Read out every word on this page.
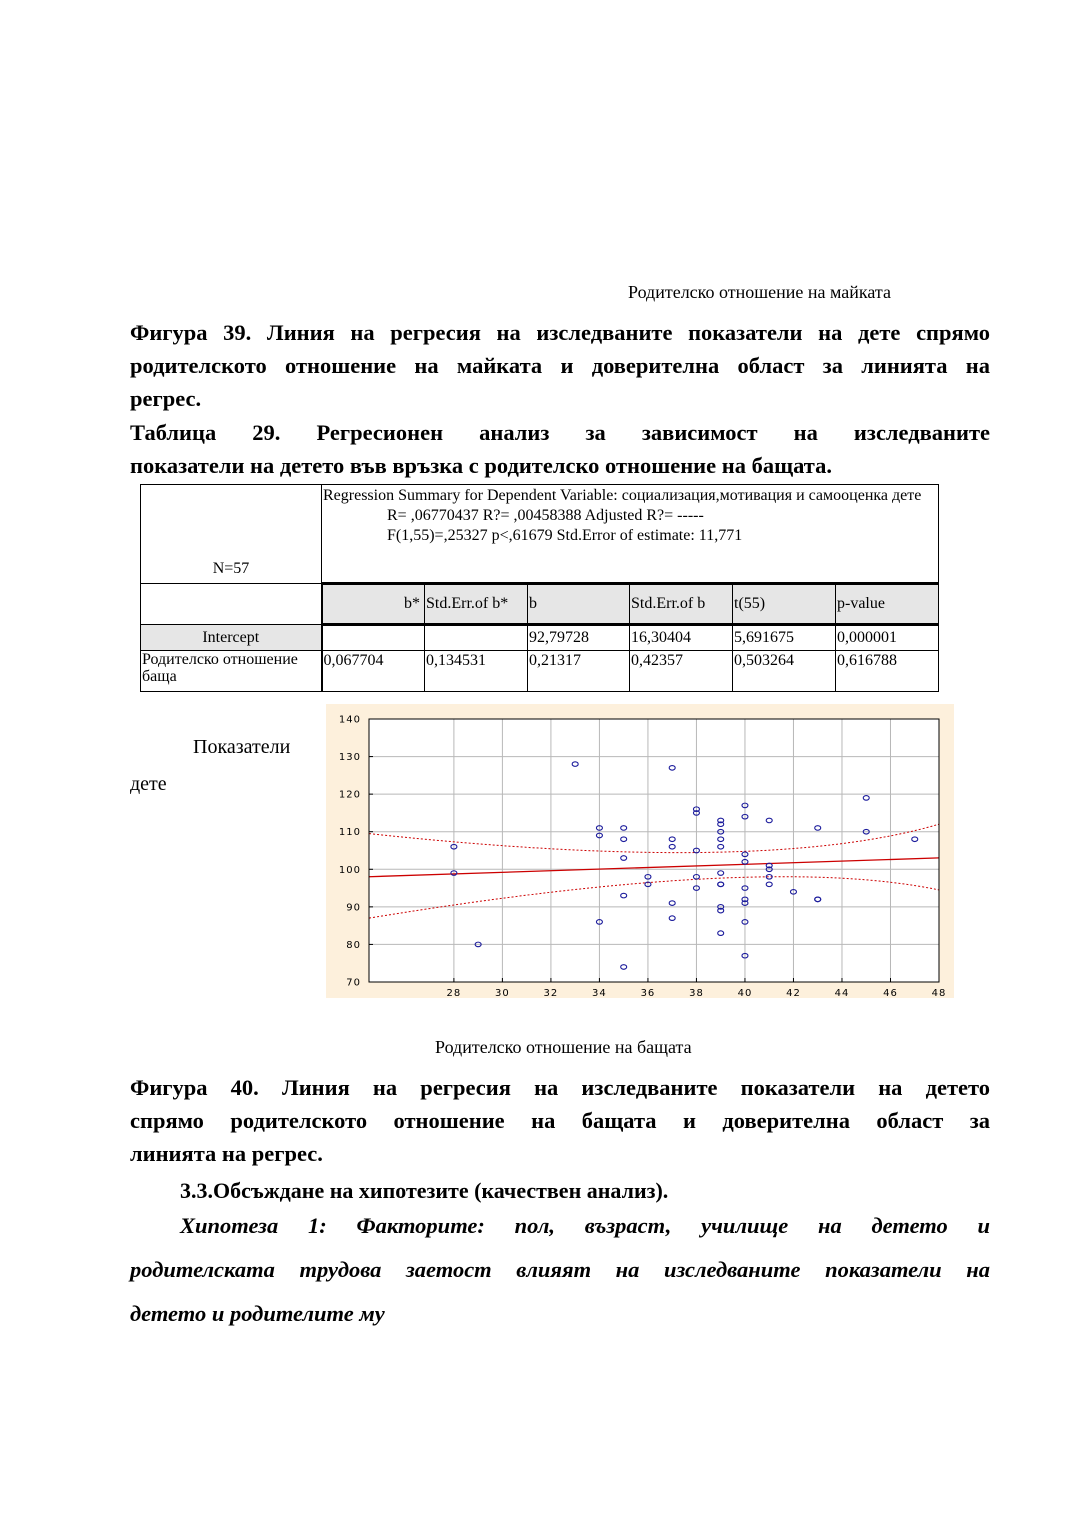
Родителско отношение на майката
Фигура 39. Линия на регресия на изследваните показатели на дете спрямо
родителското отношение на майката и доверителна област за линията на
регрес.
Таблица 29. Регресионен анализ за зависимост на изследваните
показатели на детето във връзка с родителско отношение на бащата.
N=57	Regression Summary for Dependent Variable: социализация,мотивация и самооценка дете
R= ,06770437 R?= ,00458388 Adjusted R?= -----
F(1,55)=,25327 p<,61679 Std.Error of estimate: 11,771					

	b*	Std.Err.of b*	b	Std.Err.of b	t(55)	p-value
Intercept			92,79728	16,30404	5,691675	0,000001
Родителско отношение баща	0,067704	0,134531	0,21317	0,42357	0,503264	0,616788
Показатели
дете
28	30	32	34	36	38	40	42	44	46	48
70
80
90
100
110
120
130
140
Родителско отношение на бащата
Фигура 40. Линия на регресия на изследваните показатели на детето
спрямо родителското отношение на бащата и доверителна област за
линията на регрес.
3.3.Обсъждане на хипотезите (качествен анализ).
Хипотеза 1: Факторите: пол, възраст, училище на детето и
родителската трудова заетост влияят на изследваните показатели на
детето и родителите му
